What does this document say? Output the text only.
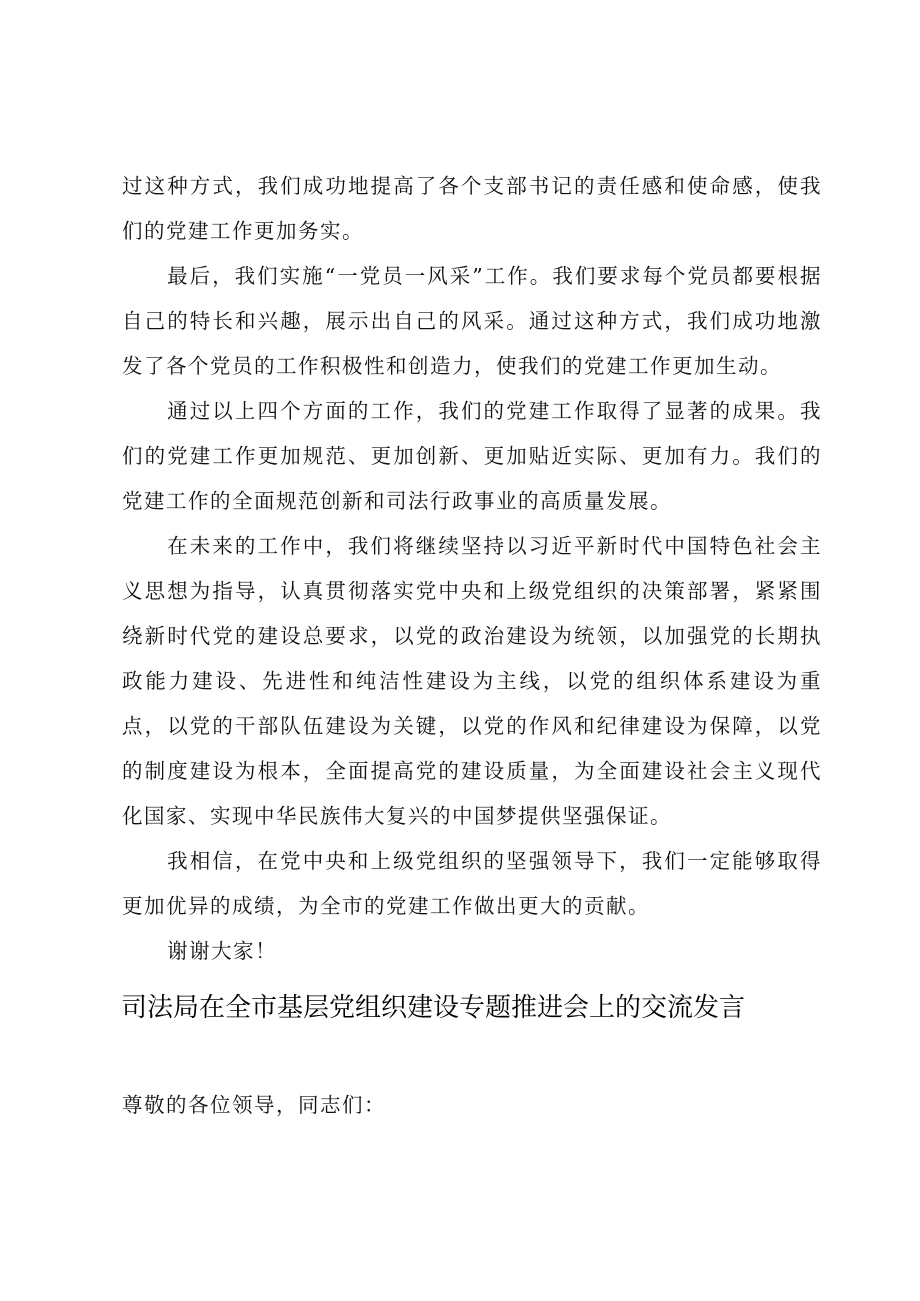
过这种方式，我们成功地提高了各个支部书记的责任感和使命感，使我们的党建工作更加务实。

最后，我们实施“一党员一风采”工作。我们要求每个党员都要根据自己的特长和兴趣，展示出自己的风采。通过这种方式，我们成功地激发了各个党员的工作积极性和创造力，使我们的党建工作更加生动。

通过以上四个方面的工作，我们的党建工作取得了显著的成果。我们的党建工作更加规范、更加创新、更加贴近实际、更加有力。我们的党建工作的全面规范创新和司法行政事业的高质量发展。

在未来的工作中，我们将继续坚持以习近平新时代中国特色社会主义思想为指导，认真贯彻落实党中央和上级党组织的决策部署，紧紧围绕新时代党的建设总要求，以党的政治建设为统领，以加强党的长期执政能力建设、先进性和纯洁性建设为主线，以党的组织体系建设为重点，以党的干部队伍建设为关键，以党的作风和纪律建设为保障，以党的制度建设为根本，全面提高党的建设质量，为全面建设社会主义现代化国家、实现中华民族伟大复兴的中国梦提供坚强保证。

我相信，在党中央和上级党组织的坚强领导下，我们一定能够取得更加优异的成绩，为全市的党建工作做出更大的贡献。

谢谢大家！

司法局在全市基层党组织建设专题推进会上的交流发言

尊敬的各位领导，同志们：
